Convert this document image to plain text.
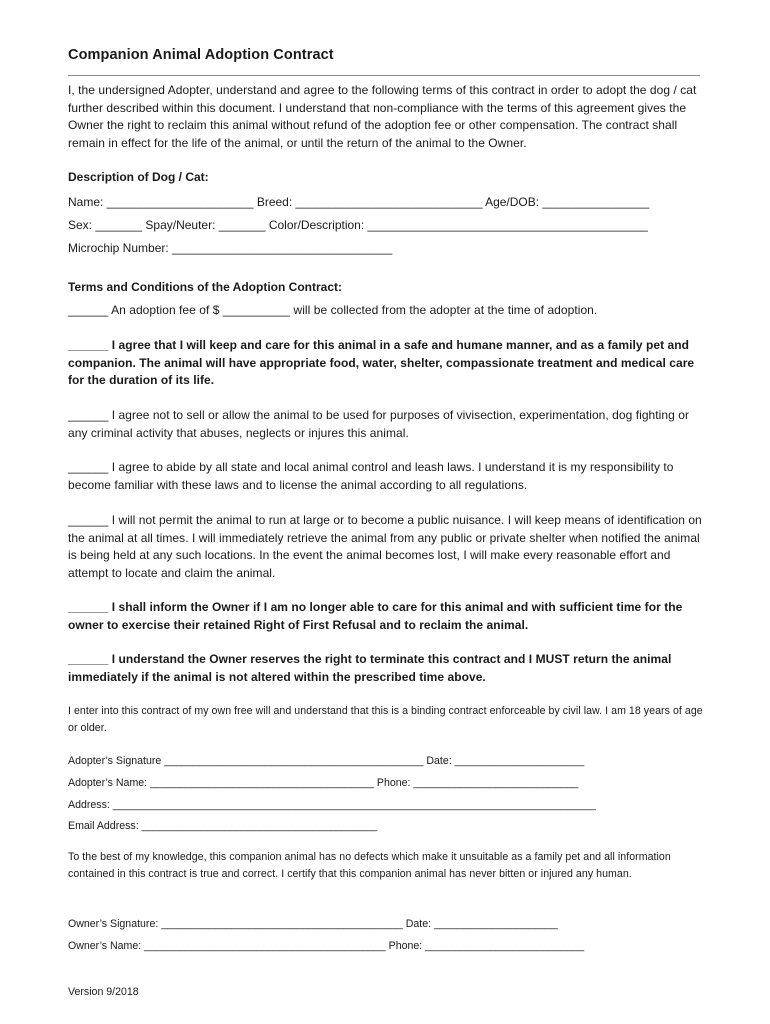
Companion Animal Adoption Contract
I, the undersigned Adopter, understand and agree to the following terms of this contract in order to adopt the dog / cat further described within this document. I understand that non-compliance with the terms of this agreement gives the Owner the right to reclaim this animal without refund of the adoption fee or other compensation. The contract shall remain in effect for the life of the animal, or until the return of the animal to the Owner.
Description of Dog / Cat:
Name: ______________________ Breed: ____________________________ Age/DOB: ________________
Sex: _______ Spay/Neuter: _______ Color/Description: __________________________________________
Microchip Number: _________________________________
Terms and Conditions of the Adoption Contract:
______ An adoption fee of $ __________ will be collected from the adopter at the time of adoption.
______ I agree that I will keep and care for this animal in a safe and humane manner, and as a family pet and companion. The animal will have appropriate food, water, shelter, compassionate treatment and medical care for the duration of its life.
______ I agree not to sell or allow the animal to be used for purposes of vivisection, experimentation, dog fighting or any criminal activity that abuses, neglects or injures this animal.
______ I agree to abide by all state and local animal control and leash laws. I understand it is my responsibility to become familiar with these laws and to license the animal according to all regulations.
______ I will not permit the animal to run at large or to become a public nuisance. I will keep means of identification on the animal at all times. I will immediately retrieve the animal from any public or private shelter when notified the animal is being held at any such locations. In the event the animal becomes lost, I will make every reasonable effort and attempt to locate and claim the animal.
______ I shall inform the Owner if I am no longer able to care for this animal and with sufficient time for the owner to exercise their retained Right of First Refusal and to reclaim the animal.
______ I understand the Owner reserves the right to terminate this contract and I MUST return the animal immediately if the animal is not altered within the prescribed time above.
I enter into this contract of my own free will and understand that this is a binding contract enforceable by civil law. I am 18 years of age or older.
Adopter’s Signature ____________________________________________ Date: ______________________
Adopter’s Name: ______________________________________ Phone: ____________________________
Address: __________________________________________________________________________________
Email Address: ________________________________________
To the best of my knowledge, this companion animal has no defects which make it unsuitable as a family pet and all information contained in this contract is true and correct. I certify that this companion animal has never bitten or injured any human.
Owner’s Signature: _________________________________________ Date: _____________________
Owner’s Name: _________________________________________ Phone: ___________________________
Version 9/2018
